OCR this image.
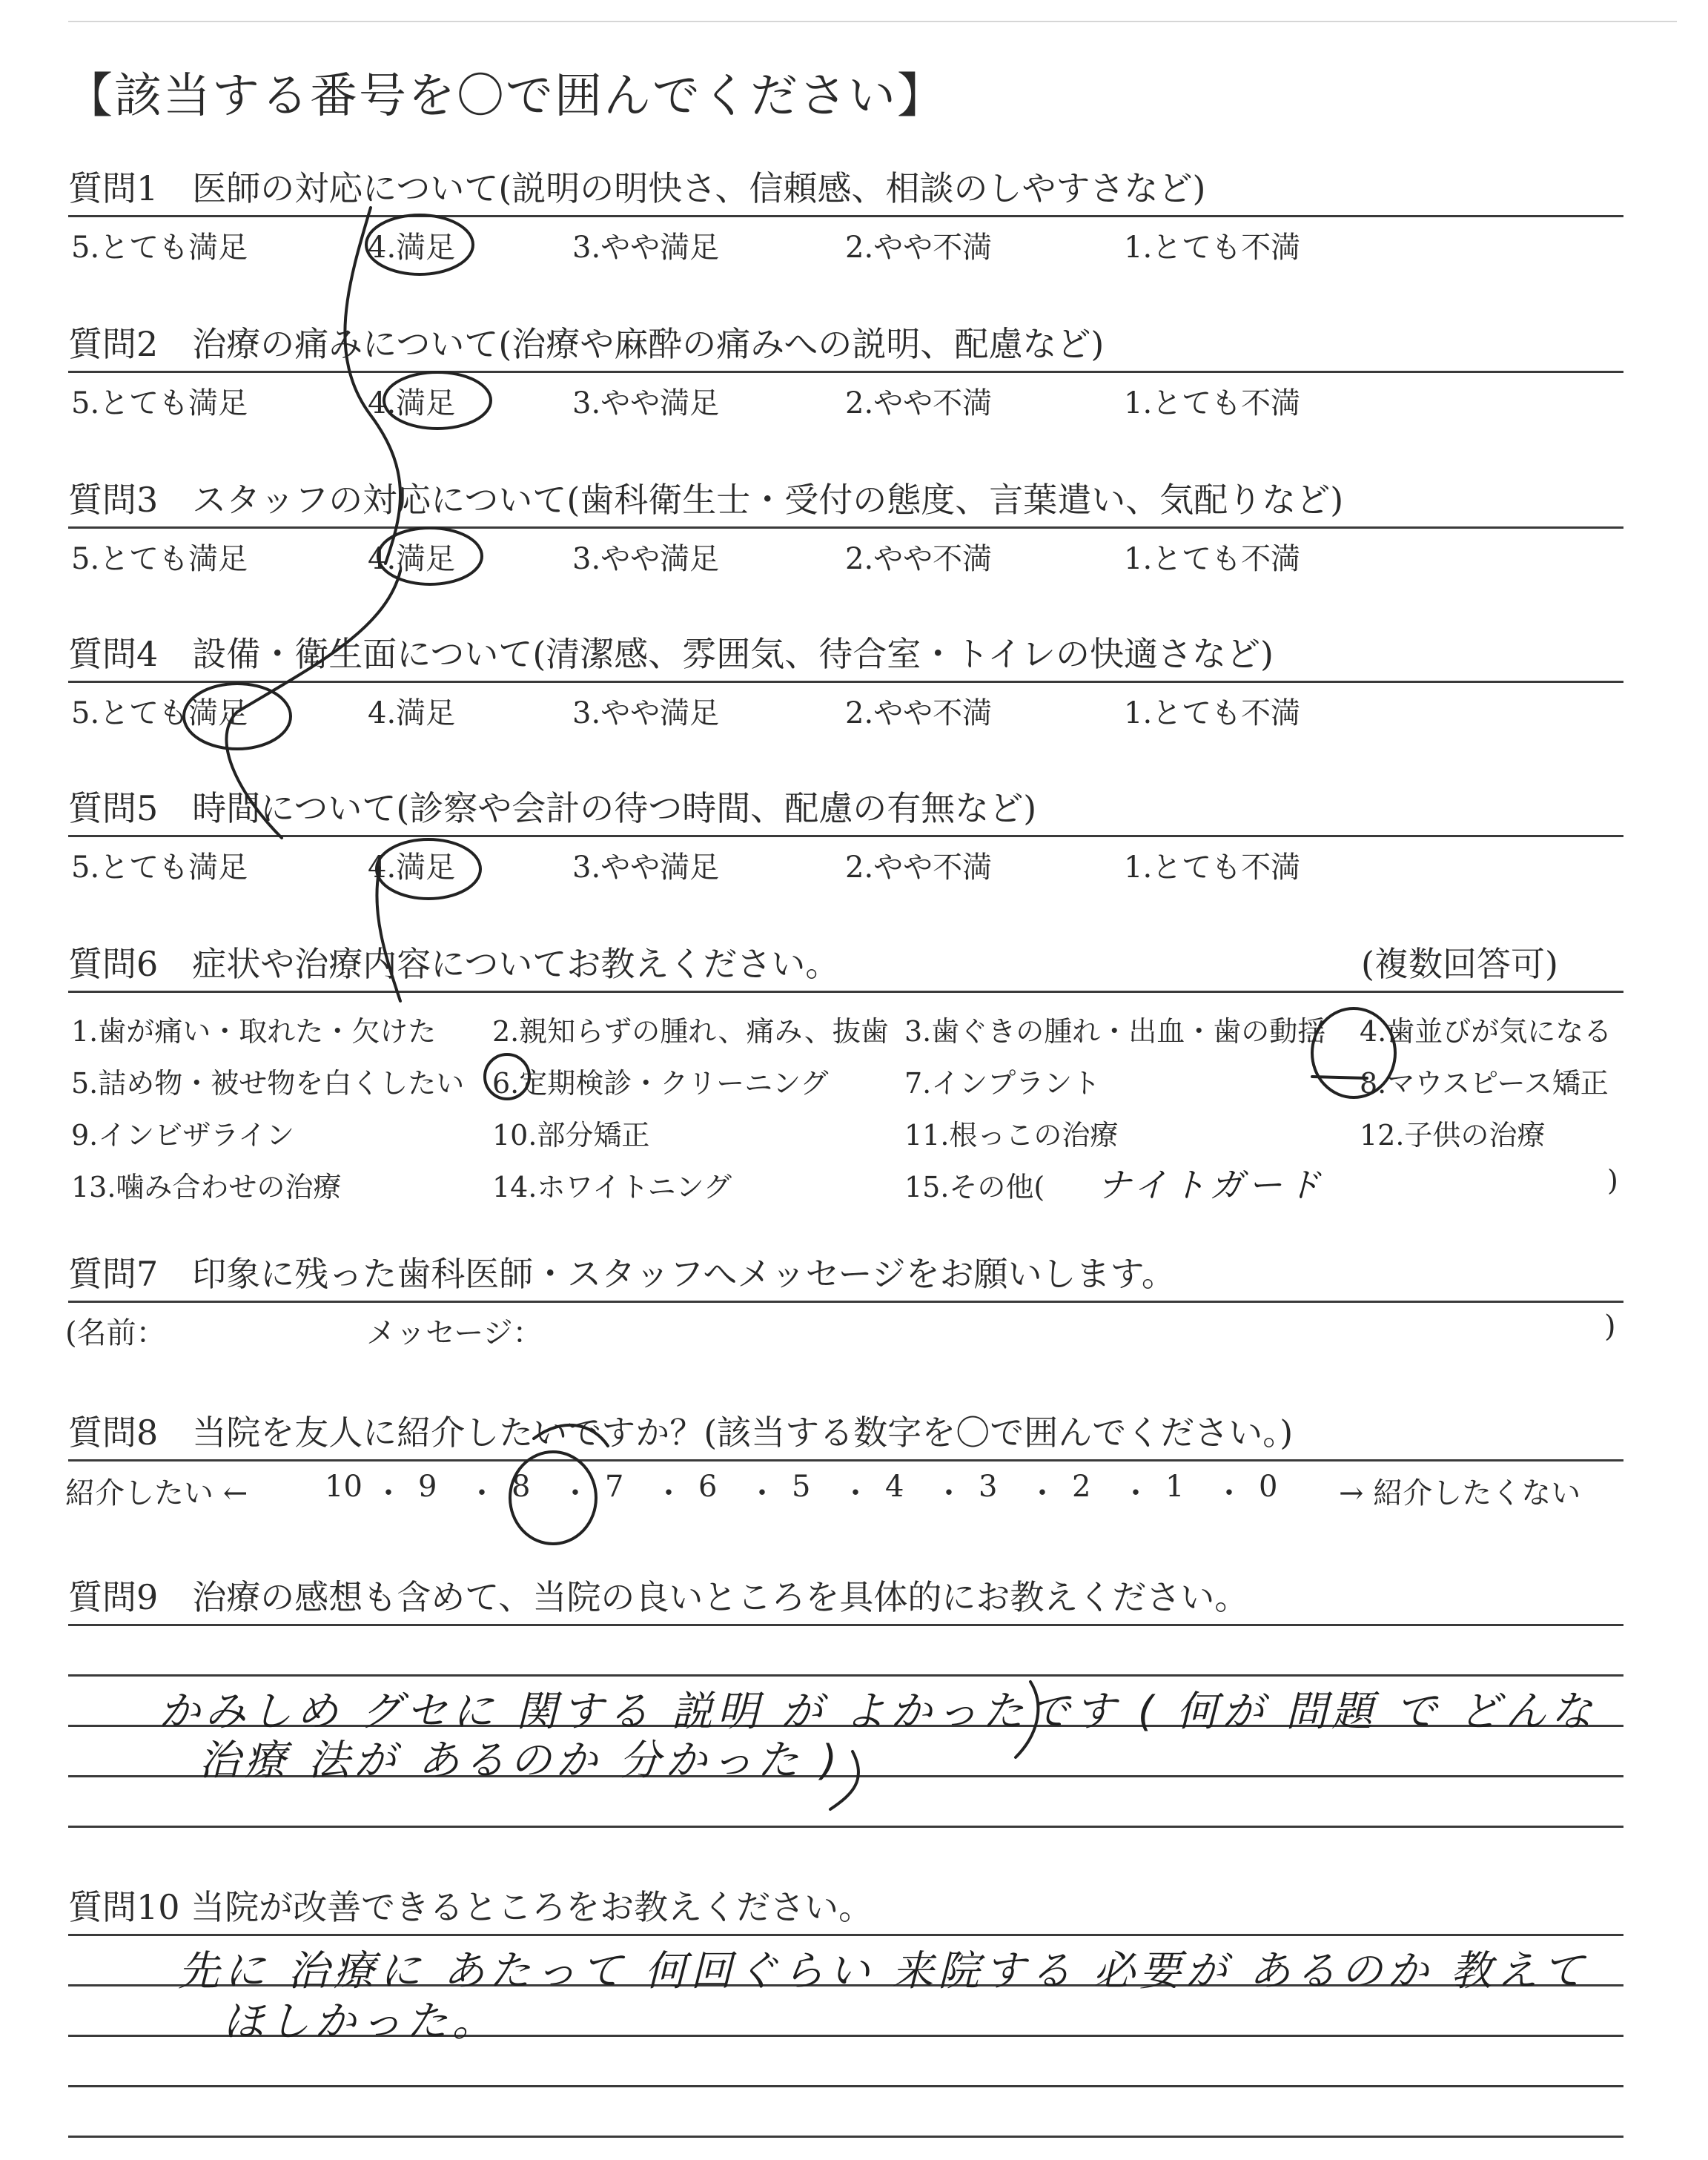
【該当する番号を〇で囲んでください】
質問1　医師の対応について(説明の明快さ、信頼感、相談のしやすさなど)
5.とても満足	4.満足	3.やや満足	2.やや不満	1.とても不満
質問2　治療の痛みについて(治療や麻酔の痛みへの説明、配慮など)
5.とても満足	4.満足	3.やや満足	2.やや不満	1.とても不満
質問3　スタッフの対応について(歯科衛生士・受付の態度、言葉遣い、気配りなど)
5.とても満足	4.満足	3.やや満足	2.やや不満	1.とても不満
質問4　設備・衛生面について(清潔感、雰囲気、待合室・トイレの快適さなど)
5.とても満足	4.満足	3.やや満足	2.やや不満	1.とても不満
質問5　時間について(診察や会計の待つ時間、配慮の有無など)
5.とても満足	4.満足	3.やや満足	2.やや不満	1.とても不満
質問6　症状や治療内容についてお教えください。	(複数回答可)
1.歯が痛い・取れた・欠けた 2.親知らずの腫れ、痛み、抜歯 3.歯ぐきの腫れ・出血・歯の動揺 4.歯並びが気になる
5.詰め物・被せ物を白くしたい 6.定期検診・クリーニング	7.インプラント	8.マウスピース矯正
9.インビザライン	10.部分矯正	11.根っこの治療	12.子供の治療
13.噛み合わせの治療	14.ホワイトニング	15.その他( ナイトガード	)
質問7　印象に残った歯科医師・スタッフへメッセージをお願いします。
(名前：	メッセージ：	)
質問8　当院を友人に紹介したいですか？(該当する数字を〇で囲んでください。)
紹介したい ←	10 ・ 9 ・ 8 ・ 7 ・ 6 ・ 5 ・ 4 ・ 3 ・ 2 ・ 1 ・ 0 → 紹介したくない
質問9　治療の感想も含めて、当院の良いところを具体的にお教えください。
かみしめ グセに 関する 説明 が よかったです ( 何が 問題 で どんな
治療 法が あるのか 分かった )
質問10 当院が改善できるところをお教えください。
先に 治療に あたって 何回ぐらい 来院する 必要が あるのか 教えて
ほしかった。
